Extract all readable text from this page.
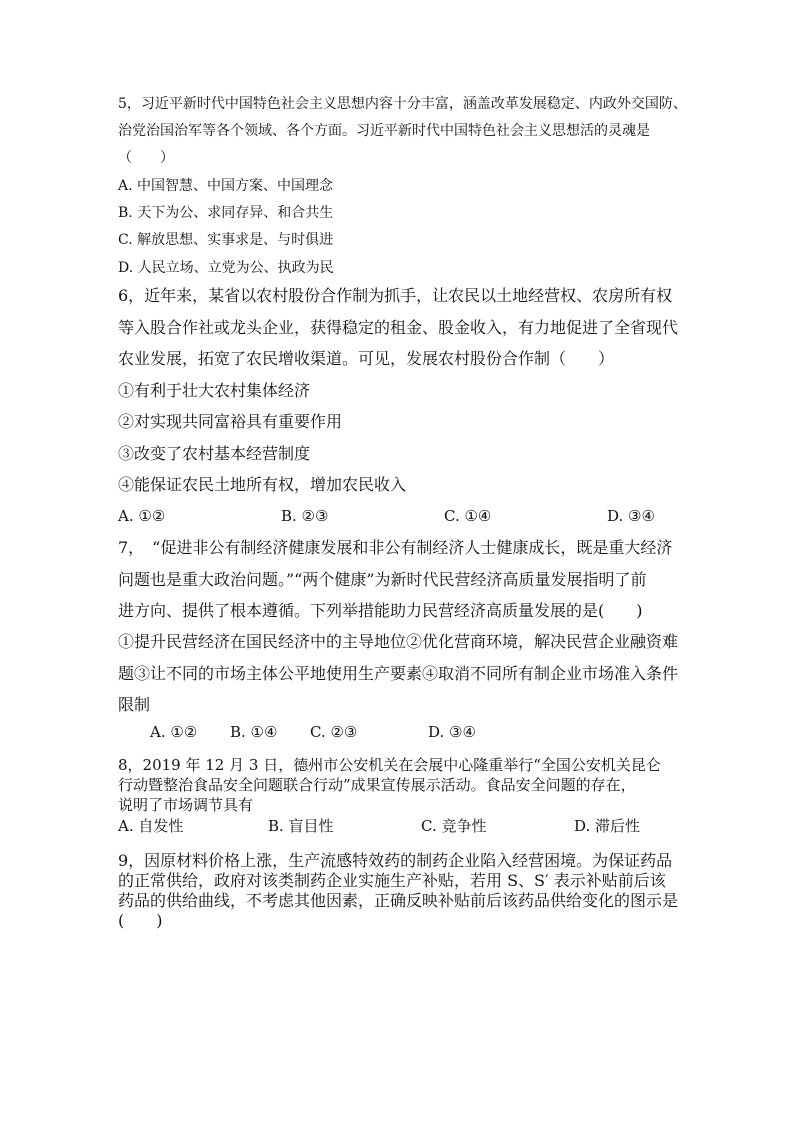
5，习近平新时代中国特色社会主义思想内容十分丰富，涵盖改革发展稳定、内政外交国防、
治党治国治军等各个领域、各个方面。习近平新时代中国特色社会主义思想活的灵魂是
（　　）
A. 中国智慧、中国方案、中国理念
B. 天下为公、求同存异、和合共生
C. 解放思想、实事求是、与时俱进
D. 人民立场、立党为公、执政为民
6，近年来，某省以农村股份合作制为抓手，让农民以土地经营权、农房所有权
等入股合作社或龙头企业，获得稳定的租金、股金收入，有力地促进了全省现代
农业发展，拓宽了农民增收渠道。可见，发展农村股份合作制（　　）
①有利于壮大农村集体经济
②对实现共同富裕具有重要作用
③改变了农村基本经营制度
④能保证农民土地所有权，增加农民收入
A. ①②	B. ②③	C. ①④	D. ③④
7，　“促进非公有制经济健康发展和非公有制经济人士健康成长，既是重大经济
问题也是重大政治问题。”“两个健康”为新时代民营经济高质量发展指明了前
进方向、提供了根本遵循。下列举措能助力民营经济高质量发展的是(　　)
①提升民营经济在国民经济中的主导地位②优化营商环境，解决民营企业融资难
题③让不同的市场主体公平地使用生产要素④取消不同所有制企业市场准入条件
限制
A. ①②	B. ①④	C. ②③	D. ③④
8，2019 年 12 月 3 日，德州市公安机关在会展中心隆重举行“全国公安机关昆仑
行动暨整治食品安全问题联合行动”成果宣传展示活动。食品安全问题的存在，
说明了市场调节具有
A. 自发性	B. 盲目性	C. 竞争性	D. 滞后性
9，因原材料价格上涨，生产流感特效药的制药企业陷入经营困境。为保证药品
的正常供给，政府对该类制药企业实施生产补贴，若用 S、S′ 表示补贴前后该
药品的供给曲线，不考虑其他因素，正确反映补贴前后该药品供给变化的图示是
(　　)
